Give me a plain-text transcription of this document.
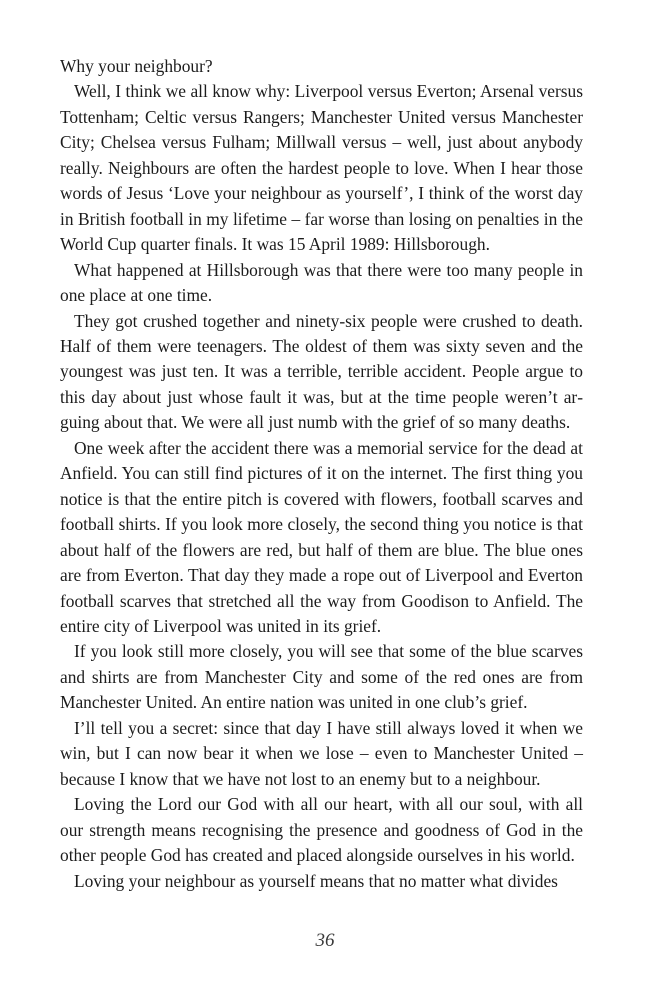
Why your neighbour?

Well, I think we all know why: Liverpool versus Everton; Arsenal versus Tottenham; Celtic versus Rangers; Manchester United versus Manchester City; Chelsea versus Fulham; Millwall versus – well, just about anybody really. Neighbours are often the hardest people to love. When I hear those words of Jesus ‘Love your neighbour as yourself’, I think of the worst day in British football in my lifetime – far worse than losing on penalties in the World Cup quarter finals. It was 15 April 1989: Hillsborough.

What happened at Hillsborough was that there were too many people in one place at one time.

They got crushed together and ninety-six people were crushed to death. Half of them were teenagers. The oldest of them was sixty seven and the youngest was just ten. It was a terrible, terrible accident. People argue to this day about just whose fault it was, but at the time people weren’t arguing about that. We were all just numb with the grief of so many deaths.

One week after the accident there was a memorial service for the dead at Anfield. You can still find pictures of it on the internet. The first thing you notice is that the entire pitch is covered with flowers, football scarves and football shirts. If you look more closely, the second thing you notice is that about half of the flowers are red, but half of them are blue. The blue ones are from Everton. That day they made a rope out of Liverpool and Everton football scarves that stretched all the way from Goodison to Anfield. The entire city of Liverpool was united in its grief.

If you look still more closely, you will see that some of the blue scarves and shirts are from Manchester City and some of the red ones are from Manchester United. An entire nation was united in one club’s grief.

I’ll tell you a secret: since that day I have still always loved it when we win, but I can now bear it when we lose – even to Manchester United – because I know that we have not lost to an enemy but to a neighbour.

Loving the Lord our God with all our heart, with all our soul, with all our strength means recognising the presence and goodness of God in the other people God has created and placed alongside ourselves in his world.

Loving your neighbour as yourself means that no matter what divides

36
